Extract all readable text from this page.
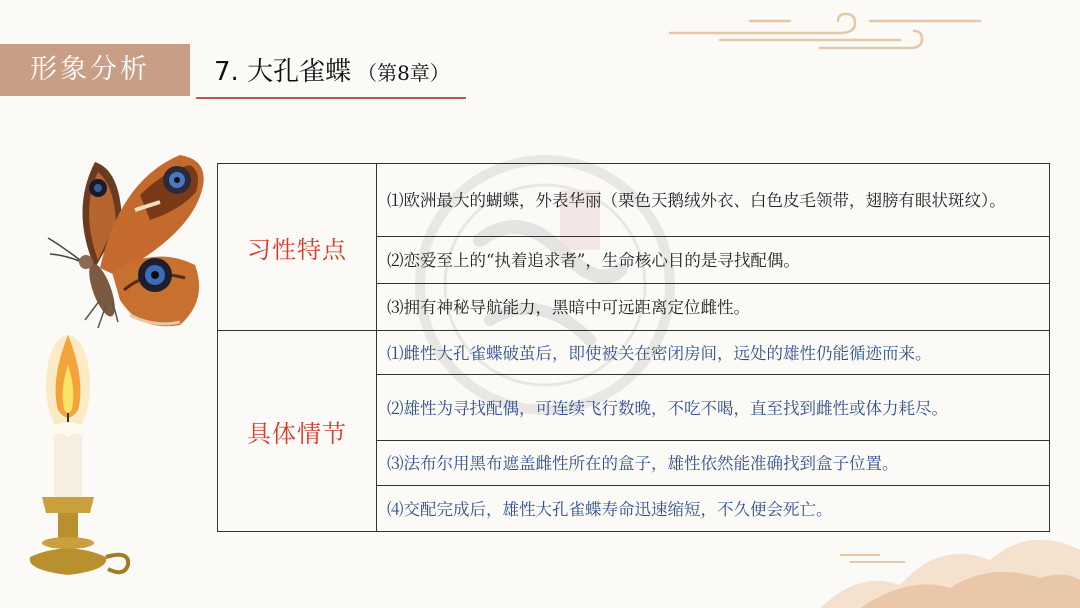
形象分析	7. 大孔雀蝶 （第8章）
习性特点	⑴欧洲最大的蝴蝶，外表华丽（栗色天鹅绒外衣、白色皮毛领带，翅膀有眼状斑纹）。
	⑵恋爱至上的“执着追求者”，生命核心目的是寻找配偶。
	⑶拥有神秘导航能力，黑暗中可远距离定位雌性。
具体情节	⑴雌性大孔雀蝶破茧后，即使被关在密闭房间，远处的雄性仍能循迹而来。
	⑵雄性为寻找配偶，可连续飞行数晚，不吃不喝，直至找到雌性或体力耗尽。
	⑶法布尔用黑布遮盖雌性所在的盒子，雄性依然能准确找到盒子位置。
	⑷交配完成后，雄性大孔雀蝶寿命迅速缩短，不久便会死亡。
